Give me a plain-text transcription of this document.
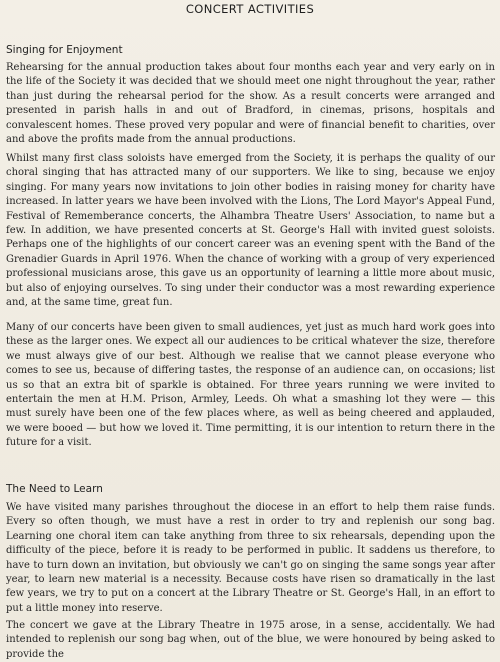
CONCERT ACTIVITIES
Singing for Enjoyment
Rehearsing for the annual production takes about four months each year and very early on in the life of the Society it was decided that we should meet one night throughout the year, rather than just during the rehearsal period for the show. As a result concerts were arranged and presented in parish halls in and out of Bradford, in cinemas, prisons, hospitals and convalescent homes. These proved very popular and were of financial benefit to charities, over and above the profits made from the annual productions.
Whilst many first class soloists have emerged from the Society, it is perhaps the quality of our choral singing that has attracted many of our supporters. We like to sing, because we enjoy singing. For many years now invitations to join other bodies in raising money for charity have increased. In latter years we have been involved with the Lions, The Lord Mayor's Appeal Fund, Festival of Rememberance concerts, the Alhambra Theatre Users' Association, to name but a few. In addition, we have presented concerts at St. George's Hall with invited guest soloists. Perhaps one of the highlights of our concert career was an evening spent with the Band of the Grenadier Guards in April 1976. When the chance of working with a group of very experienced professional musicians arose, this gave us an opportunity of learning a little more about music, but also of enjoying ourselves. To sing under their conductor was a most rewarding experience and, at the same time, great fun.
Many of our concerts have been given to small audiences, yet just as much hard work goes into these as the larger ones. We expect all our audiences to be critical whatever the size, therefore we must always give of our best. Although we realise that we cannot please everyone who comes to see us, because of differing tastes, the response of an audience can, on occasions; list us so that an extra bit of sparkle is obtained. For three years running we were invited to entertain the men at H.M. Prison, Armley, Leeds. Oh what a smashing lot they were — this must surely have been one of the few places where, as well as being cheered and applauded, we were booed — but how we loved it. Time permitting, it is our intention to return there in the future for a visit.
The Need to Learn
We have visited many parishes throughout the diocese in an effort to help them raise funds. Every so often though, we must have a rest in order to try and replenish our song bag. Learning one choral item can take anything from three to six rehearsals, depending upon the difficulty of the piece, before it is ready to be performed in public. It saddens us therefore, to have to turn down an invitation, but obviously we can't go on singing the same songs year after year, to learn new material is a necessity. Because costs have risen so dramatically in the last few years, we try to put on a concert at the Library Theatre or St. George's Hall, in an effort to put a little money into reserve.
The concert we gave at the Library Theatre in 1975 arose, in a sense, accidentally. We had intended to replenish our song bag when, out of the blue, we were honoured by being asked to provide the
